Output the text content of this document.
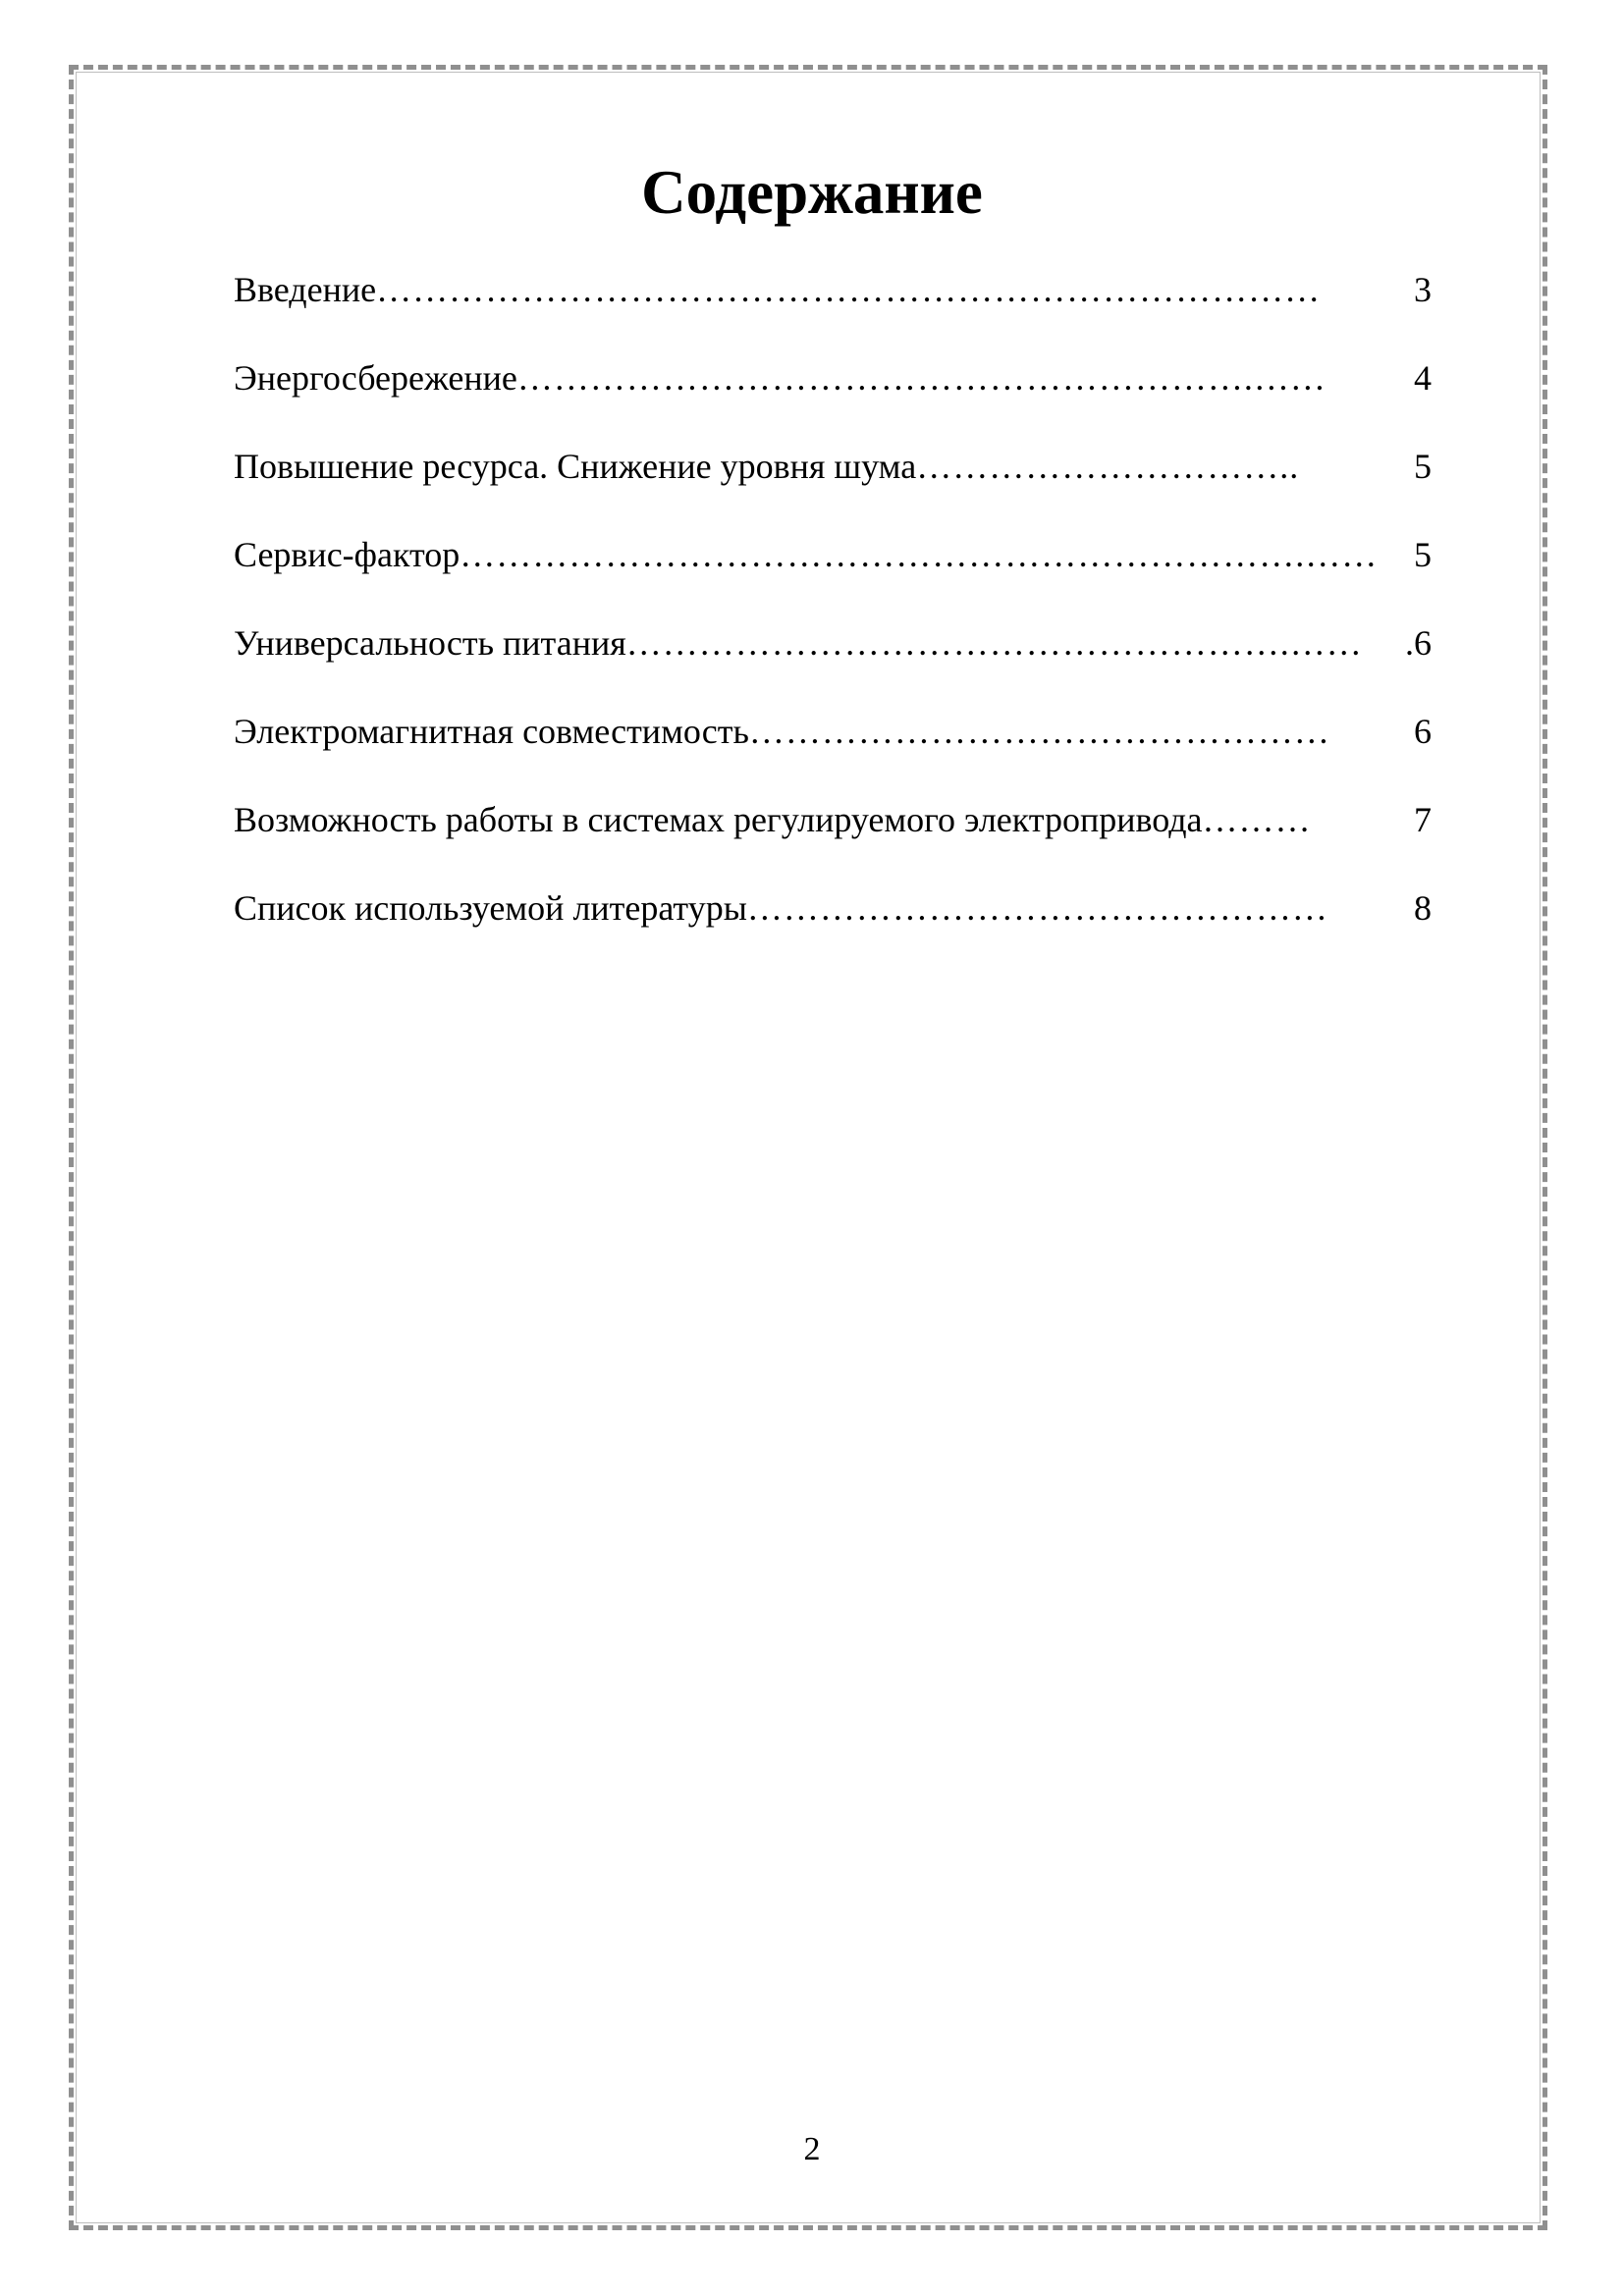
Содержание
Введение ……………………………………………………………………	3
Энергосбережение …………………………………………………….……	4
Повышение ресурса. Снижение уровня шума …………………………..	5
Сервис-фактор …………………………………………………………….……	5
Универсальность питания ……………………………………………….……	.6
Электромагнитная совместимость …………………………………………	6
Возможность работы в системах регулируемого электропривода ………	7
Список используемой литературы …………………………………………	8
2
